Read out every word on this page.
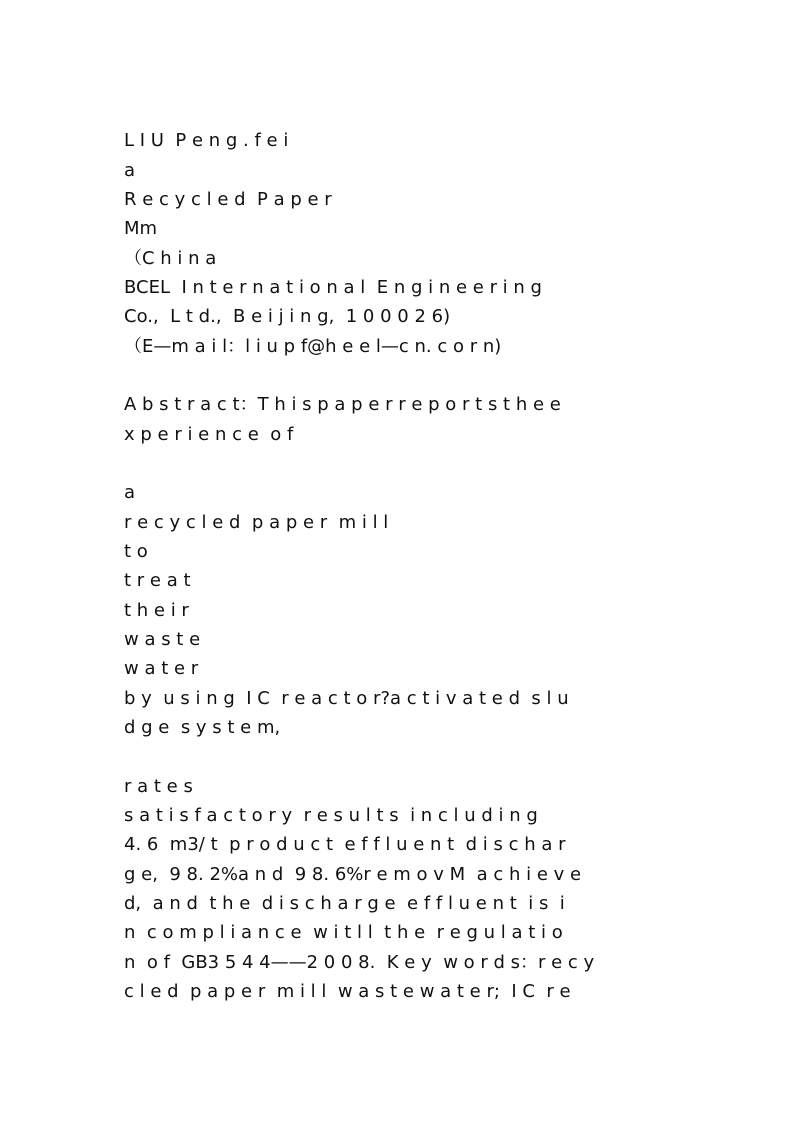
L I U  P e n g . f e i

a

R e c y c l e d  P a p e r

Mm

（C h i n a

BCEL  I n t e r n a t i o n a l  E n g i n e e r i n g

Co.,  L t d.,  B e i j i n g,  1 0 0 0 2 6)

（E—m a i l：l i u p f@h e e l—c n. c o r n)

A b s t r a c t：T h i s p a p e r r e p o r t s t h e e

x p e r i e n c e  o f

a

r e c y c l e d  p a p e r  m i l l

t o

t r e a t

t h e i r

w a s t e

w a t e r

b y  u s i n g  I C  r e a c t o r?a c t i v a t e d  s l u

d g e  s y s t e m,

r a t e s

s a t i s f a c t o r y  r e s u l t s  i n c l u d i n g

4. 6  m3/ t  p r o d u c t  e f f l u e n t  d i s c h a r

g e,  9 8. 2%a n d  9 8. 6%r e m o v M  a c h i e v e

d,  a n d  t h e  d i s c h a r g e  e f f l u e n t  i s  i

n  c o m p l i a n c e  w i t l l  t h e  r e g u l a t i o

n  o f  GB3 5 4 4——2 0 0 8.  K e y  w o r d s：r e c y

c l e d  p a p e r  m i l l  w a s t e w a t e r;  I C  r e
